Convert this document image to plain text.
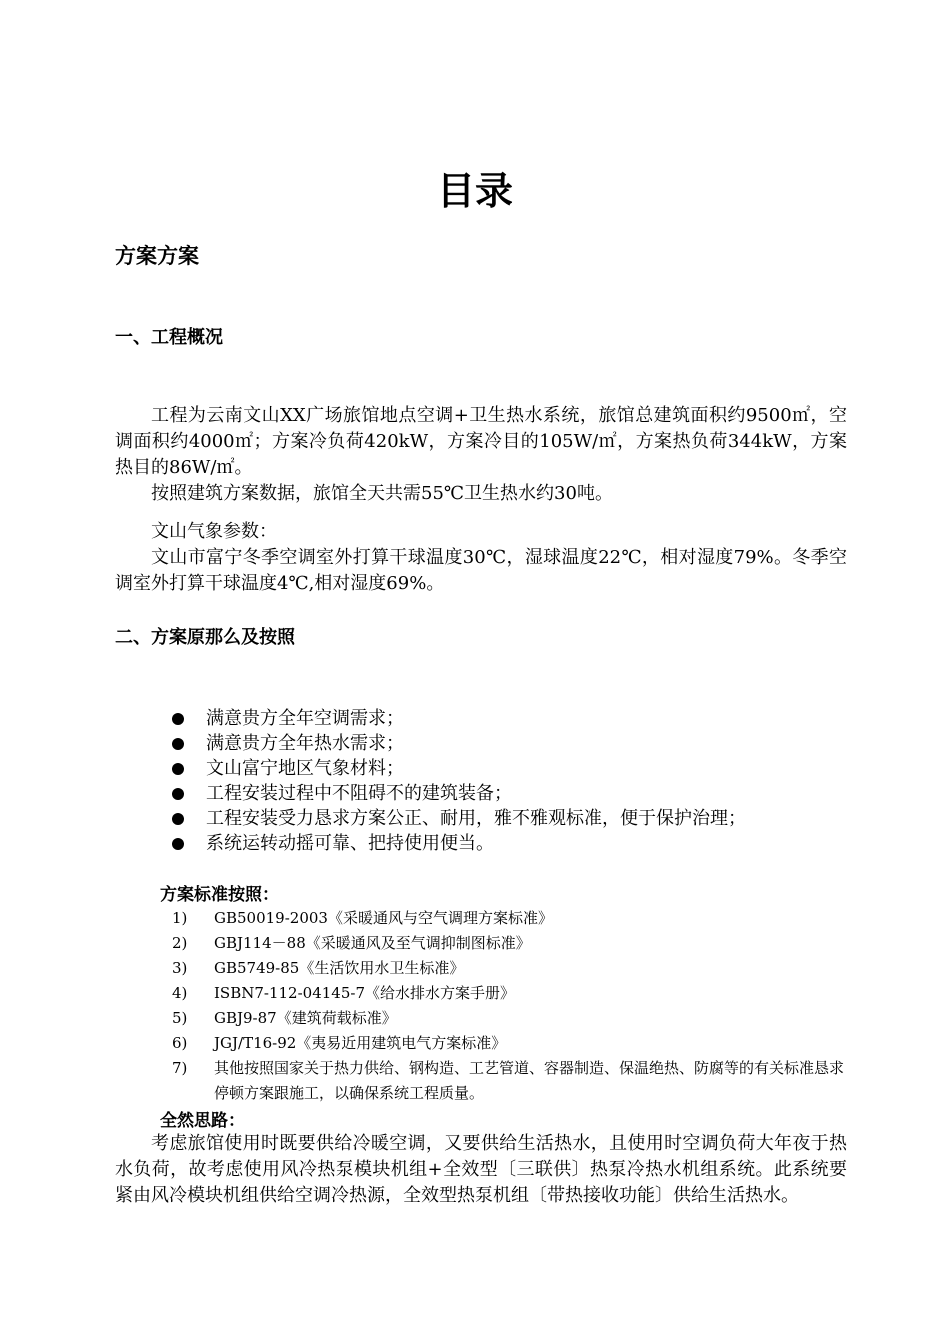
目录
方案方案
一、工程概况
工程为云南文山XX广场旅馆地点空调+卫生热水系统，旅馆总建筑面积约9500㎡，空调面积约4000㎡；方案冷负荷420kW，方案冷目的105W/㎡，方案热负荷344kW，方案热目的86W/㎡。
按照建筑方案数据，旅馆全天共需55℃卫生热水约30吨。
文山气象参数：
文山市富宁冬季空调室外打算干球温度30℃，湿球温度22℃，相对湿度79%。冬季空调室外打算干球温度4℃,相对湿度69%。
二、方案原那么及按照
满意贵方全年空调需求；
满意贵方全年热水需求；
文山富宁地区气象材料；
工程安装过程中不阻碍不的建筑装备；
工程安装受力恳求方案公正、耐用，雅不雅观标准，便于保护治理；
系统运转动摇可靠、把持使用便当。
方案标准按照：
1) GB50019-2003《采暖通风与空气调理方案标准》
2) GBJ114－88《采暖通风及至气调抑制图标准》
3) GB5749-85《生活饮用水卫生标准》
4) ISBN7-112-04145-7《给水排水方案手册》
5) GBJ9-87《建筑荷载标准》
6) JGJ/T16-92《夷易近用建筑电气方案标准》
7) 其他按照国家关于热力供给、钢构造、工艺管道、容器制造、保温绝热、防腐等的有关标准恳求停顿方案跟施工，以确保系统工程质量。
全然思路：
考虑旅馆使用时既要供给冷暖空调，又要供给生活热水，且使用时空调负荷大年夜于热水负荷，故考虑使用风冷热泵模块机组+全效型〔三联供〕热泵冷热水机组系统。此系统要紧由风冷模块机组供给空调冷热源，全效型热泵机组〔带热接收功能〕供给生活热水。
